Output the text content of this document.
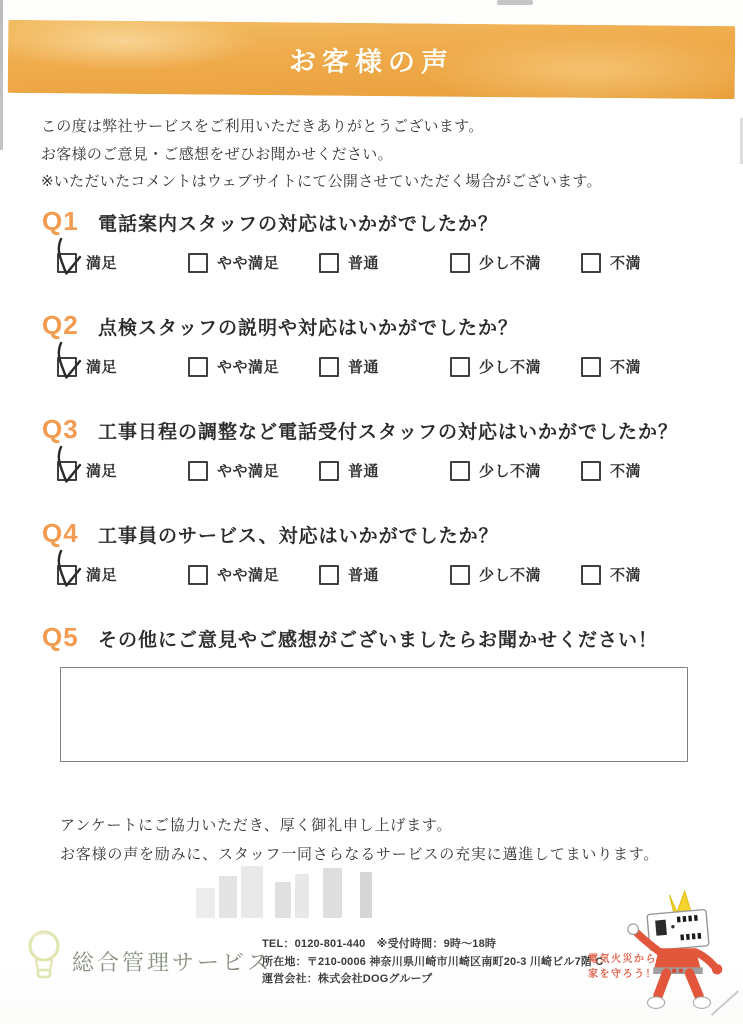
お客様の声
この度は弊社サービスをご利用いただきありがとうございます。
お客様のご意見・ご感想をぜひお聞かせください。
※いただいたコメントはウェブサイトにて公開させていただく場合がございます。
Q1 電話案内スタッフの対応はいかがでしたか？
満足	やや満足	普通	少し不満	不満
Q2 点検スタッフの説明や対応はいかがでしたか？
満足	やや満足	普通	少し不満	不満
Q3 工事日程の調整など電話受付スタッフの対応はいかがでしたか？
満足	やや満足	普通	少し不満	不満
Q4 工事員のサービス、対応はいかがでしたか？
満足	やや満足	普通	少し不満	不満
Q5 その他にご意見やご感想がございましたらお聞かせください！
アンケートにご協力いただき、厚く御礼申し上げます。
お客様の声を励みに、スタッフ一同さらなるサービスの充実に邁進してまいります。
総合管理サービス
TEL：0120-801-440　※受付時間：9時～18時
所在地：〒210-0006 神奈川県川崎市川崎区南町20-3 川崎ビル7階 C
運営会社：株式会社DOGグループ
電気火災から
家を守ろう！
